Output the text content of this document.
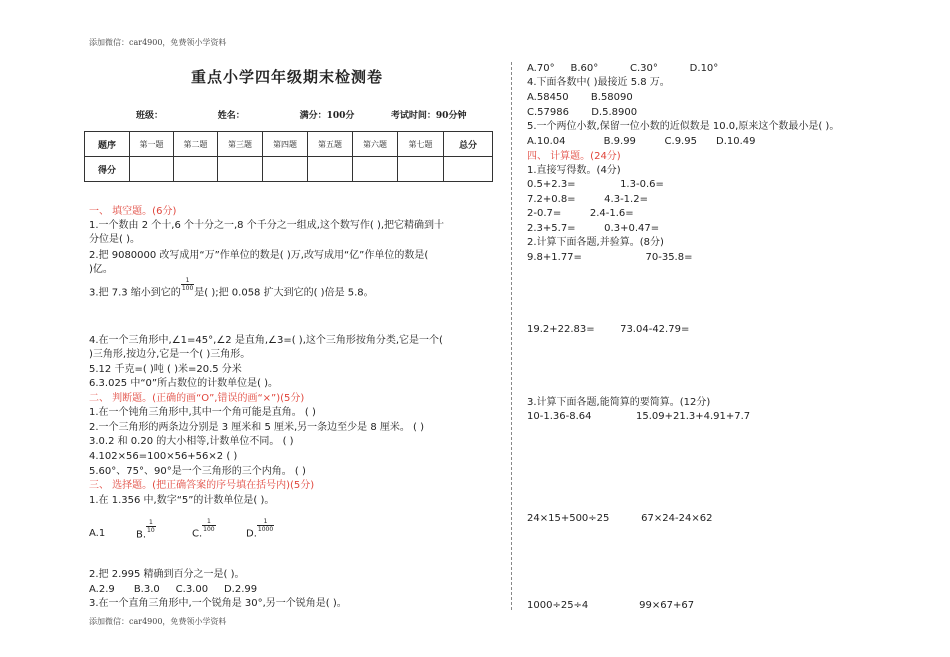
添加微信：car4900，免费领小学资料
添加微信：car4900，免费领小学资料
重点小学四年级期末检测卷
班级：      姓名：      满分：100分    考试时间：90分钟
题序	第一题	第二题	第三题	第四题	第五题	第六题	第七题	总分
得分								
一、 填空题。(6分)
1.一个数由 2 个十,6 个十分之一,8 个千分之一组成,这个数写作( ),把它精确到十
分位是( )。
2.把 9080000 改写成用“万”作单位的数是( )万,改写成用“亿”作单位的数是(
)亿。
3.把 7.3 缩小到它的
$\frac{1}{100}$
是( );把 0.058 扩大到它的( )倍是 5.8。
4.在一个三角形中,∠1=45°,∠2 是直角,∠3=( ),这个三角形按角分类,它是一个(
)三角形,按边分,它是一个( )三角形。
5.12 千克=( )吨 ( )米=20.5 分米
6.3.025 中“0”所占数位的计数单位是( )。
二、 判断题。(正确的画“Ο”,错误的画“×”)(5分)
1.在一个钝角三角形中,其中一个角可能是直角。 ( )
2.一个三角形的两条边分别是 3 厘米和 5 厘米,另一条边至少是 8 厘米。 ( )
3.0.2 和 0.20 的大小相等,计数单位不同。 ( )
4.102×56=100×56+56×2 ( )
5.60°、75°、90°是一个三角形的三个内角。 ( )
三、 选择题。(把正确答案的序号填在括号内)(5分)
1.在 1.356 中,数字“5”的计数单位是( )。
A.1	B.
$\frac{1}{10}$	C.
$\frac{1}{100}$
D.
$\frac{1}{1000}$
2.把 2.995 精确到百分之一是( )。
A.2.9      B.3.0     C.3.00     D.2.99
3.在一个直角三角形中,一个锐角是 30°,另一个锐角是( )。
A.70°     B.60°          C.30°          D.10°
4.下面各数中( )最接近 5.8 万。
A.58450       B.58090
C.57986       D.5.8900
5.一个两位小数,保留一位小数的近似数是 10.0,原来这个数最小是( )。
A.10.04            B.9.99         C.9.95      D.10.49
四、 计算题。(24分)
1.直接写得数。(4分)
0.5+2.3=              1.3-0.6=
7.2+0.8=         4.3-1.2=
2-0.7=         2.4-1.6=
2.3+5.7=         0.3+0.47=
2.计算下面各题,并验算。(8分)
9.8+1.77=                    70-35.8=
19.2+22.83=        73.04-42.79=
3.计算下面各题,能简算的要简算。(12分)
10-1.36-8.64              15.09+21.3+4.91+7.7
24×15+500÷25          67×24-24×62
1000÷25÷4                99×67+67
